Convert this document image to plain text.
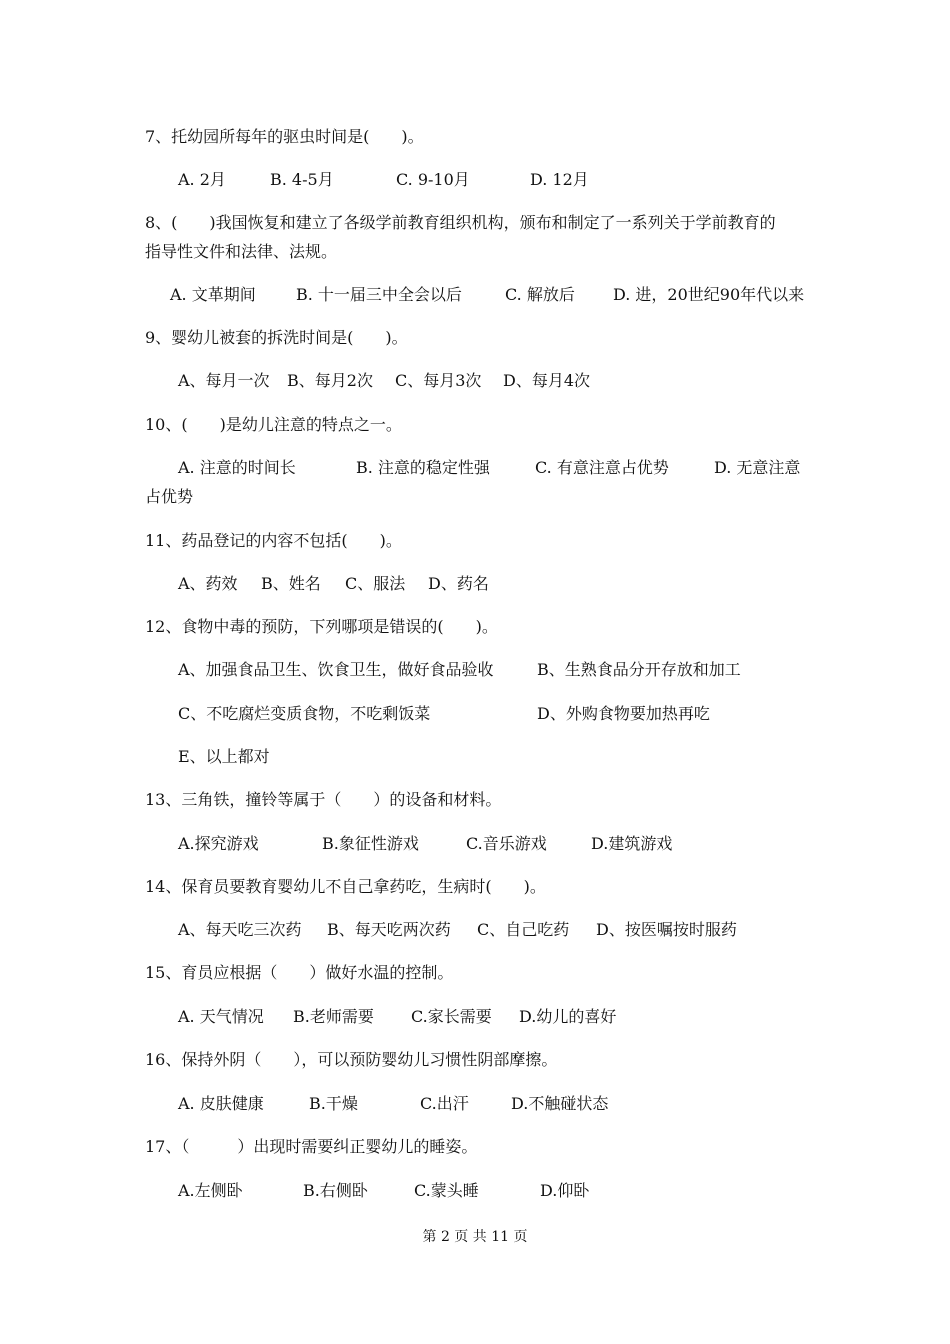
7、托幼园所每年的驱虫时间是(　　)。
A. 2月	B. 4-5月	C. 9-10月	D. 12月
8、(　　)我国恢复和建立了各级学前教育组织机构，颁布和制定了一系列关于学前教育的
指导性文件和法律、法规。
A. 文革期间	B. 十一届三中全会以后	C. 解放后 D. 进，20世纪90年代以来
9、婴幼儿被套的拆洗时间是(　　)。
A、每月一次 B、每月2次 C、每月3次 D、每月4次
10、(　　)是幼儿注意的特点之一。
A. 注意的时间长	B. 注意的稳定性强	C. 有意注意占优势	D. 无意注意
占优势
11、药品登记的内容不包括(　　)。
A、药效 B、姓名 C、服法 D、药名
12、食物中毒的预防，下列哪项是错误的(　　)。
A、加强食品卫生、饮食卫生，做好食品验收	B、生熟食品分开存放和加工
C、不吃腐烂变质食物，不吃剩饭菜	D、外购食物要加热再吃
E、以上都对
13、三角铁，撞铃等属于（　　）的设备和材料。
A.探究游戏	B.象征性游戏	C.音乐游戏	D.建筑游戏
14、保育员要教育婴幼儿不自己拿药吃，生病时(　　)。
A、每天吃三次药 B、每天吃两次药 C、自己吃药 D、按医嘱按时服药
15、育员应根据（　　）做好水温的控制。
A. 天气情况 B.老师需要 C.家长需要 D.幼儿的喜好
16、保持外阴（　　），可以预防婴幼儿习惯性阴部摩擦。
A. 皮肤健康	B.干燥	C.出汗	D.不触碰状态
17、（　　　）出现时需要纠正婴幼儿的睡姿。
A.左侧卧	B.右侧卧	C.蒙头睡	D.仰卧
第 2 页 共 11 页
